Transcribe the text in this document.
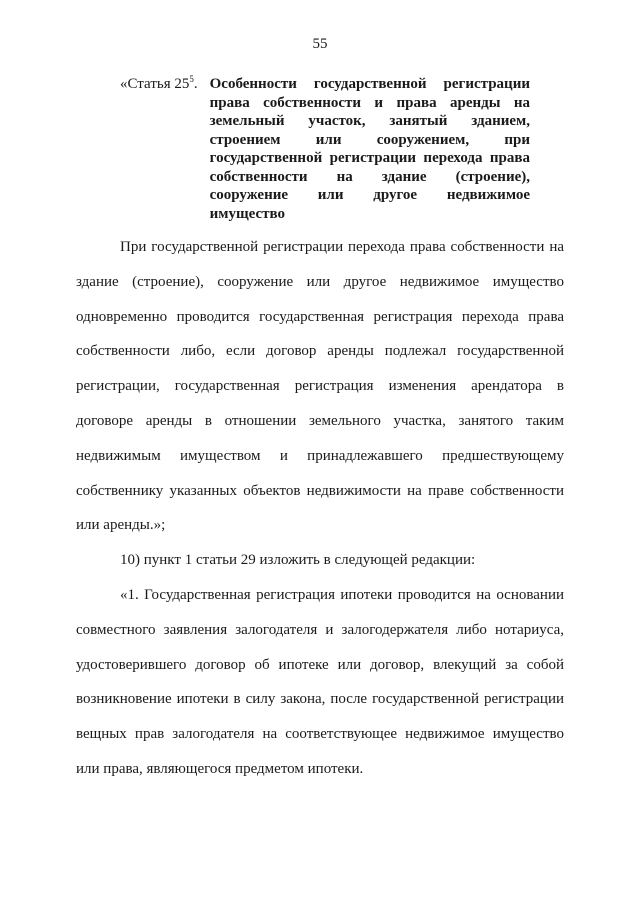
55
«Статья $25^5$. Особенности государственной регистрации права собственности и права аренды на земельный участок, занятый зданием, строением или сооружением, при государственной регистрации перехода права собственности на здание (строение), сооружение или другое недвижимое имущество

При государственной регистрации перехода права собственности на здание (строение), сооружение или другое недвижимое имущество одновременно проводится государственная регистрация перехода права собственности либо, если договор аренды подлежал государственной регистрации, государственная регистрация изменения арендатора в договоре аренды в отношении земельного участка, занятого таким недвижимым имуществом и принадлежавшего предшествующему собственнику указанных объектов недвижимости на праве собственности или аренды.»;

10) пункт 1 статьи 29 изложить в следующей редакции:

«1. Государственная регистрация ипотеки проводится на основании совместного заявления залогодателя и залогодержателя либо нотариуса, удостоверившего договор об ипотеке или договор, влекущий за собой возникновение ипотеки в силу закона, после государственной регистрации вещных прав залогодателя на соответствующее недвижимое имущество или права, являющегося предметом ипотеки.
